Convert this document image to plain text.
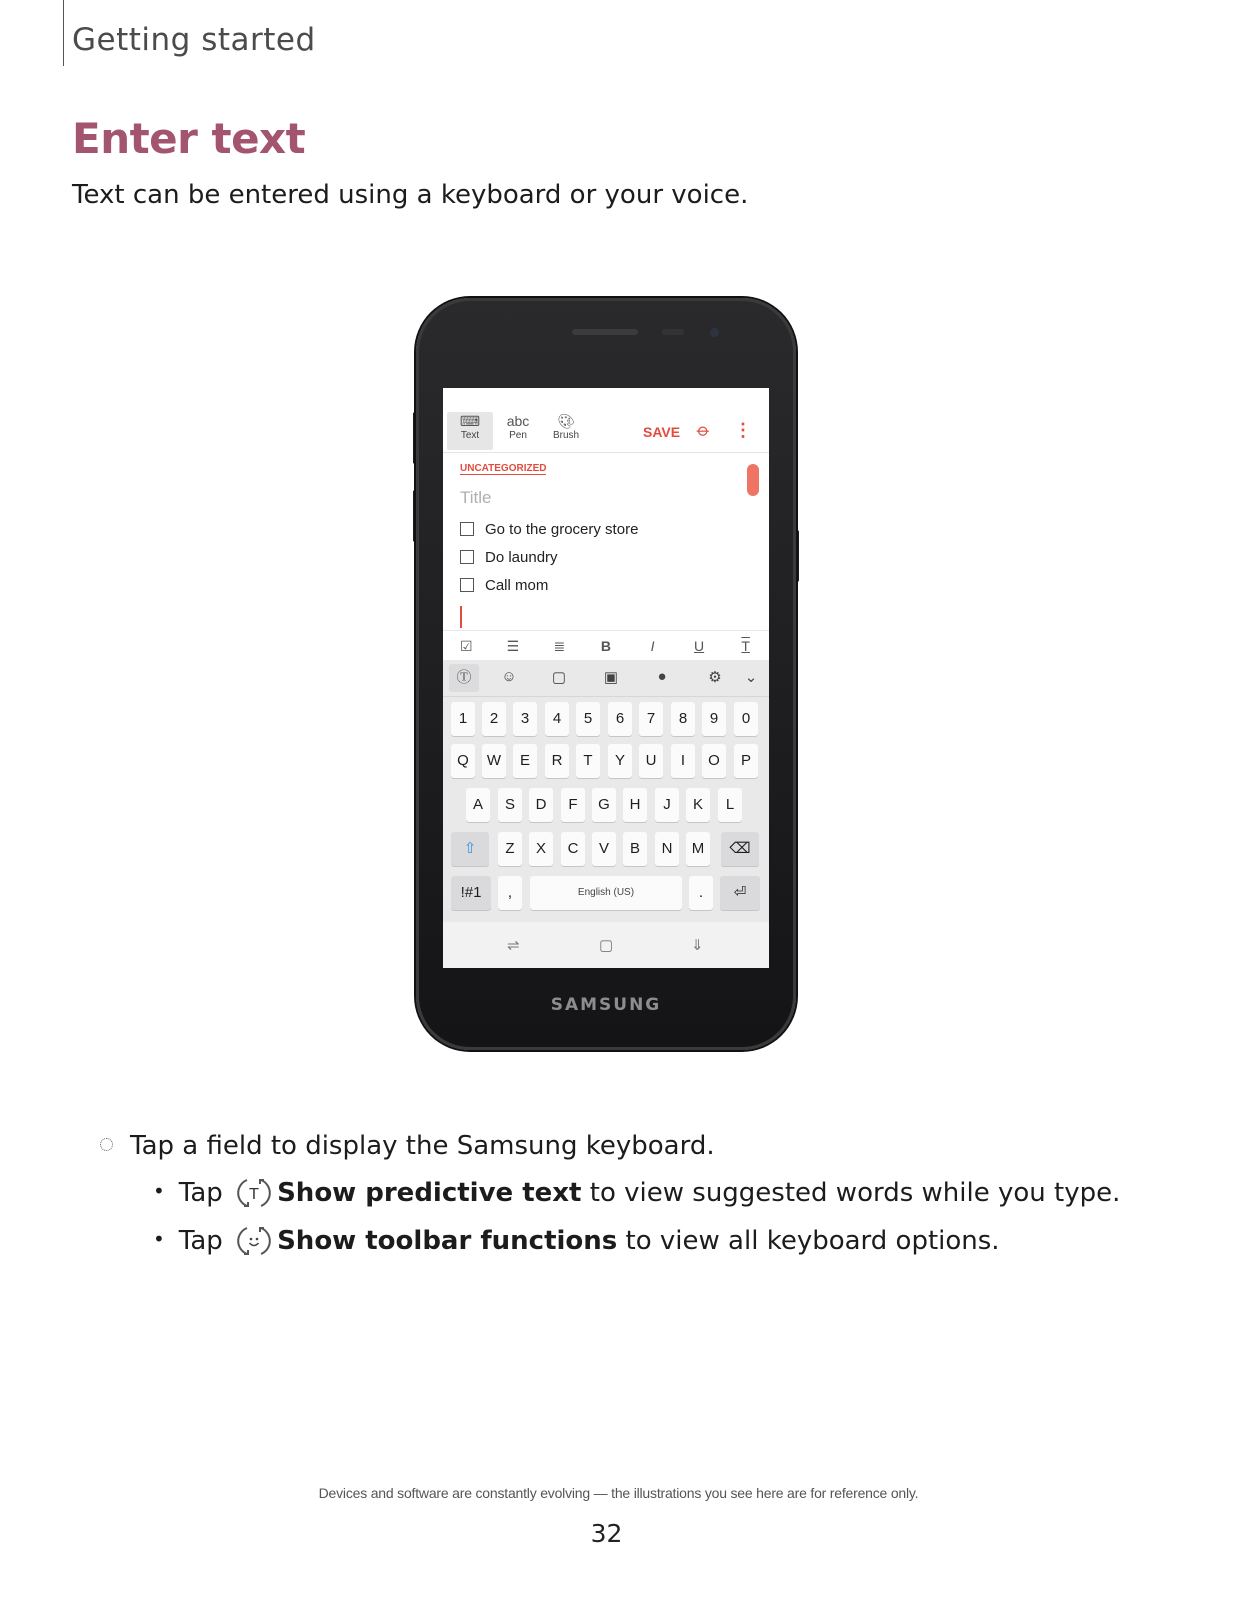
Getting started
Enter text
Text can be entered using a keyboard or your voice.
⌨
Text
abc
Pen
🎨︎
Brush	SAVE ⌀ ⋮
UNCATEGORIZED
Title
Go to the grocery store
Do laundry
Call mom
☑	☰	≣	B	I	U	T
Ⓣ	☺	▢	▣	●	⚙	⌄
1	2	3	4	5	6	7	8	9	0
Q	W	E	R	T	Y	U	I	O	P
A	S	D	F	G	H	J	K	L
⇧	Z	X	C	V	B	N	M	⌫
!#1	,	English (US)	.	⏎
⇌	▢	⇓
SAMSUNG
Tap a field to display the Samsung keyboard.
• Tap T Show predictive text to view suggested words while you type.
• Tap Show toolbar functions to view all keyboard options.
Devices and software are constantly evolving — the illustrations you see here are for reference only.
32
